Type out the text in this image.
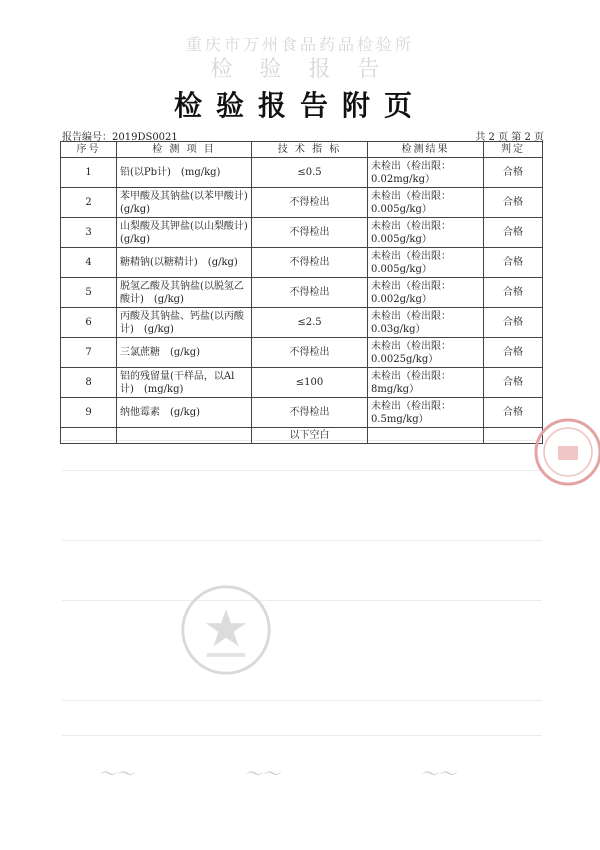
重庆市万州食品药品检验所
检 验 报 告
检验报告附页
报告编号：2019DS0021	共 2 页 第 2 页
序号	检 测 项 目	技 术 指 标	检测结果	判定
1	铅(以Pb计)　(mg/kg)	≤0.5	未检出（检出限：0.02mg/kg）	合格
2	苯甲酸及其钠盐(以苯甲酸计)　(g/kg)	不得检出	未检出（检出限：0.005g/kg）	合格
3	山梨酸及其钾盐(以山梨酸计)　(g/kg)	不得检出	未检出（检出限：0.005g/kg）	合格
4	糖精钠(以糖精计)　(g/kg)	不得检出	未检出（检出限：0.005g/kg）	合格
5	脱氢乙酸及其钠盐(以脱氢乙酸计)　(g/kg)	不得检出	未检出（检出限：0.002g/kg）	合格
6	丙酸及其钠盐、钙盐(以丙酸计)　(g/kg)	≤2.5	未检出（检出限：0.03g/kg）	合格
7	三氯蔗糖　(g/kg)	不得检出	未检出（检出限：0.0025g/kg）	合格
8	铝的残留量(干样品，以Al计)　(mg/kg)	≤100	未检出（检出限：8mg/kg）	合格
9	纳他霉素　(g/kg)	不得检出	未检出（检出限：0.5mg/kg）	合格
		以下空白		
〜〜	〜〜	〜〜
